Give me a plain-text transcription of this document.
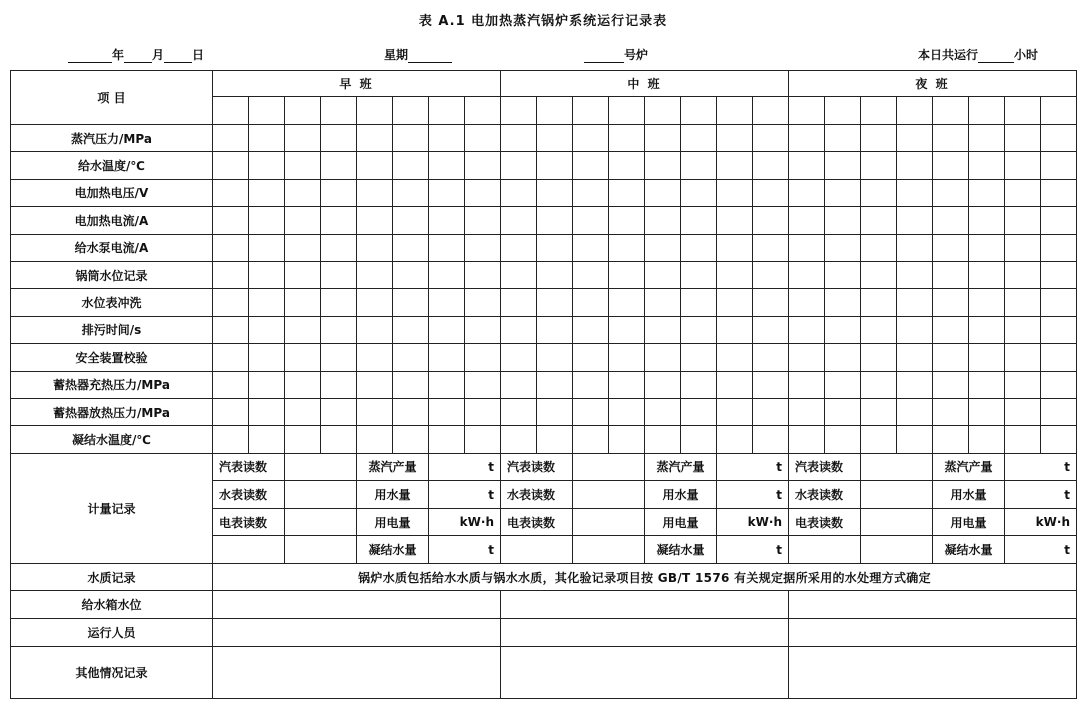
表 A.1 电加热蒸汽锅炉系统运行记录表
年 月 日	星期	号炉	本日共运行	小时
项 目	早 班								中 班								夜 班							

蒸汽压力/MPa																								
给水温度/℃																								
电加热电压/V																								
电加热电流/A																								
给水泵电流/A																								
锅筒水位记录																								
水位表冲洗																								
排污时间/s																								
安全装置校验																								
蓄热器充热压力/MPa																								
蓄热器放热压力/MPa																								
凝结水温度/℃																								
计量记录	汽表读数				蒸汽产量		t		汽表读数				蒸汽产量		t		汽表读数				蒸汽产量		t	
	水表读数				用水量		t		水表读数				用水量		t		水表读数				用水量		t	
	电表读数				用电量		kW·h		电表读数				用电量		kW·h		电表读数				用电量		kW·h	
					凝结水量		t						凝结水量		t						凝结水量		t	
水质记录	锅炉水质包括给水水质与锅水水质，其化验记录项目按 GB/T 1576 有关规定据所采用的水处理方式确定																							
给水箱水位																								
运行人员																								
其他情况记录																								
